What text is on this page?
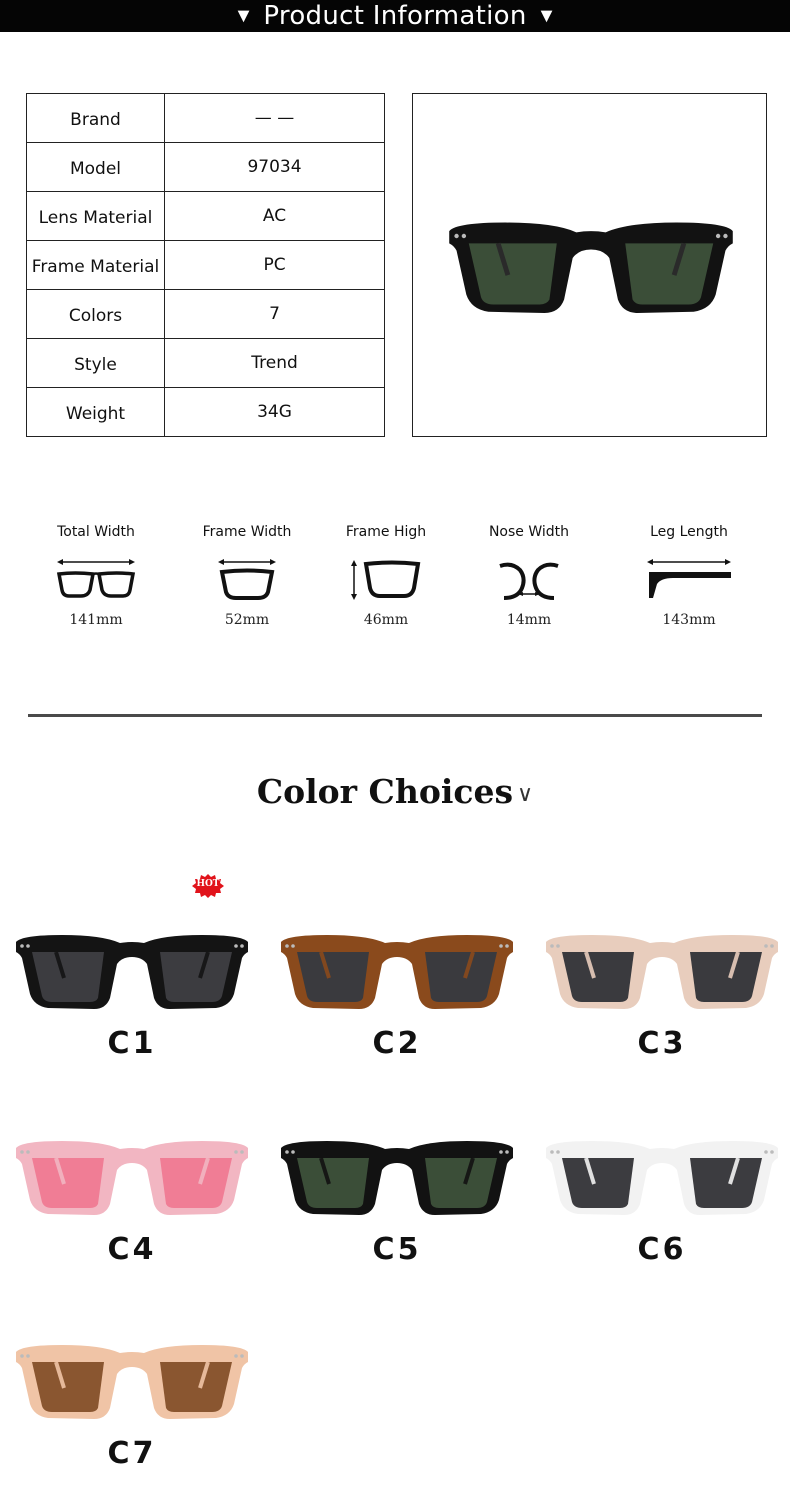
▼ Product Information ▼
Brand	— —
Model	97034
Lens Material	AC
Frame Material	PC
Colors	7
Style	Trend
Weight	34G
Total Width
141mm
Frame Width
52mm
Frame High
46mm
Nose Width
14mm
Leg Length
143mm
Color Choices ∨
HOT
C1	C2	C3
C4	C5	C6
C7
